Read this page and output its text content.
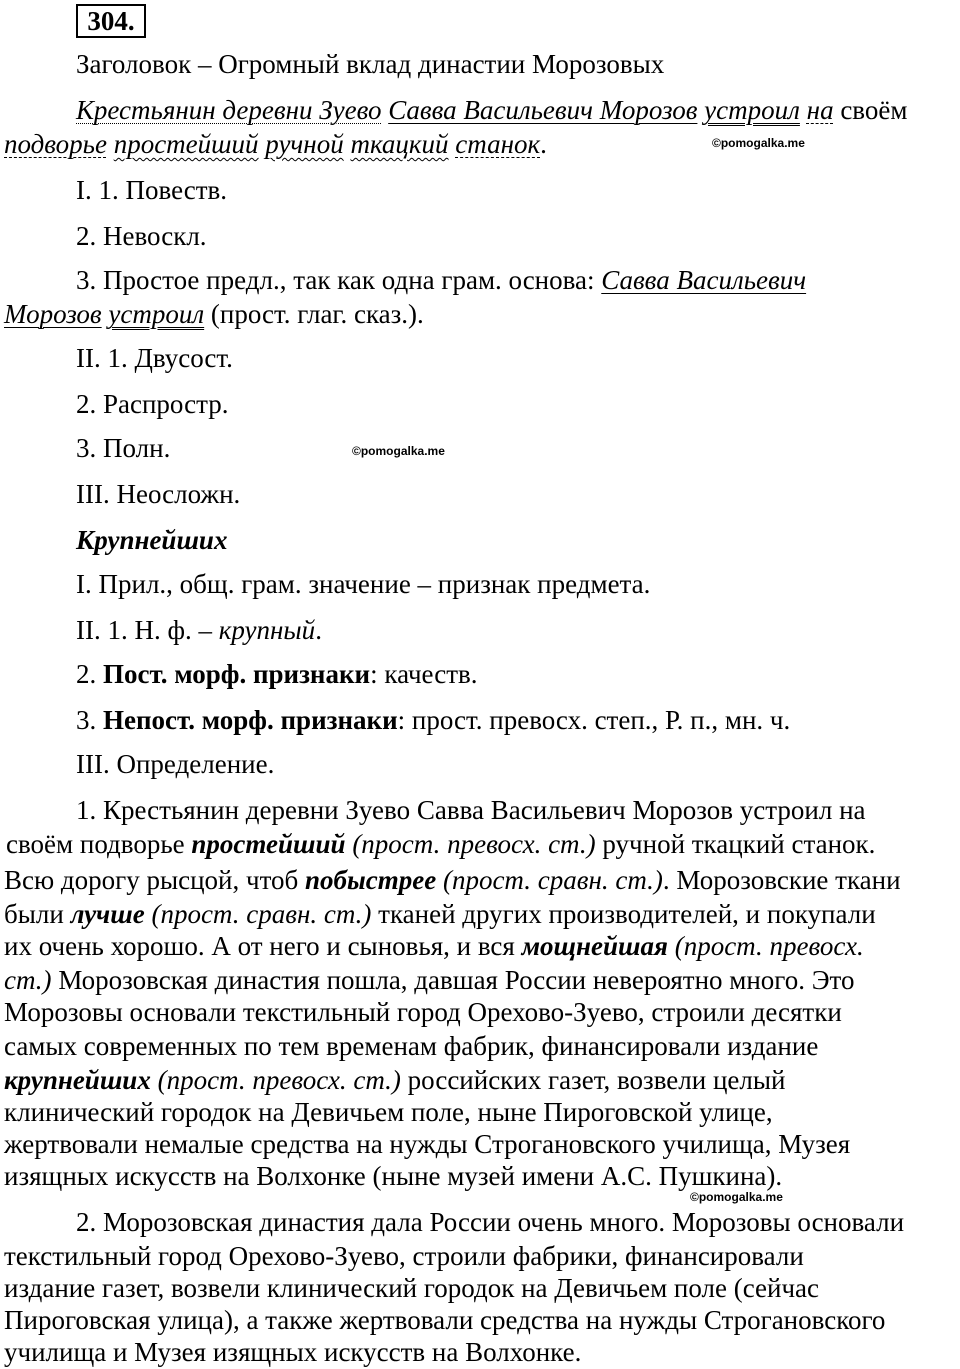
304.
Заголовок – Огромный вклад династии Морозовых
Крестьянин деревни Зуево Савва Васильевич Морозов устроил на своём
подворье простейший ручной ткацкий станок.	©pomogalka.me
I. 1. Повеств.
2. Невоскл.
3. Простое предл., так как одна грам. основа: Савва Васильевич
Морозов устроил (прост. глаг. сказ.).
II. 1. Двусост.
2. Распростр.
3. Полн.	©pomogalka.me
III. Неосложн.
Крупнейших
I. Прил., общ. грам. значение – признак предмета.
II. 1. Н. ф. – крупный.
2. Пост. морф. признаки: качеств.
3. Непост. морф. признаки: прост. превосх. степ., Р. п., мн. ч.
III. Определение.
1. Крестьянин деревни Зуево Савва Васильевич Морозов устроил на
своём подворье простейший (прост. превосх. ст.) ручной ткацкий станок.
Всю дорогу рысцой, чтоб побыстрее (прост. сравн. ст.). Морозовские ткани
были лучше (прост. сравн. ст.) тканей других производителей, и покупали
их очень хорошо. А от него и сыновья, и вся мощнейшая (прост. превосх.
ст.) Морозовская династия пошла, давшая России невероятно много. Это
Морозовы основали текстильный город Орехово-Зуево, строили десятки
самых современных по тем временам фабрик, финансировали издание
крупнейших (прост. превосх. ст.) российских газет, возвели целый
клинический городок на Девичьем поле, ныне Пироговской улице,
жертвовали немалые средства на нужды Строгановского училища, Музея
изящных искусств на Волхонке (ныне музей имени А.С. Пушкина).
©pomogalka.me
2. Морозовская династия дала России очень много. Морозовы основали
текстильный город Орехово-Зуево, строили фабрики, финансировали
издание газет, возвели клинический городок на Девичьем поле (сейчас
Пироговская улица), а также жертвовали средства на нужды Строгановского
училища и Музея изящных искусств на Волхонке.
